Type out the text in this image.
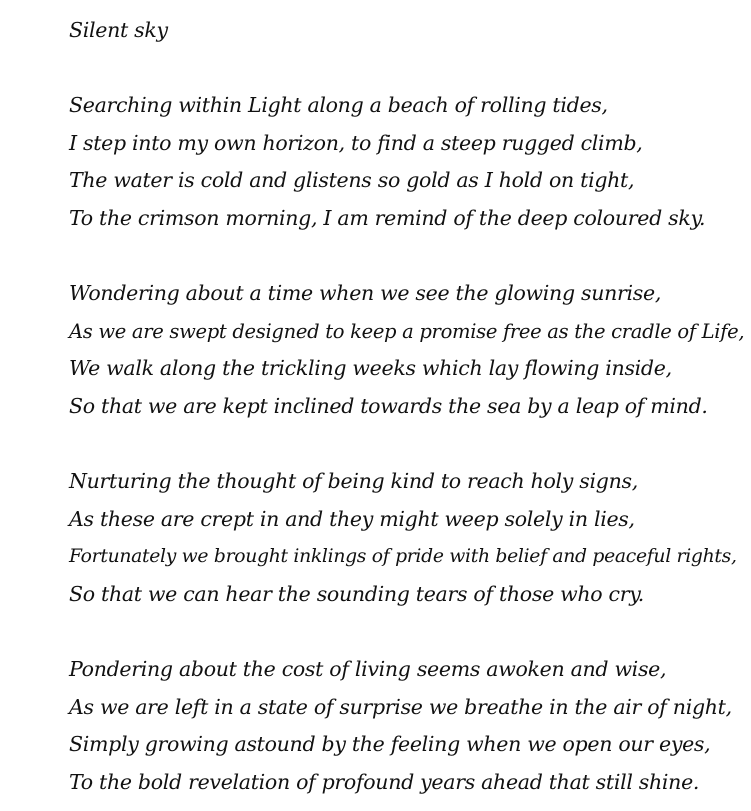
Silent sky
Searching within Light along a beach of rolling tides,
I step into my own horizon, to find a steep rugged climb,
The water is cold and glistens so gold as I hold on tight,
To the crimson morning, I am remind of the deep coloured sky.
Wondering about a time when we see the glowing sunrise,
As we are swept designed to keep a promise free as the cradle of Life,
We walk along the trickling weeks which lay flowing inside,
So that we are kept inclined towards the sea by a leap of mind.
Nurturing the thought of being kind to reach holy signs,
As these are crept in and they might weep solely in lies,
Fortunately we brought inklings of pride with belief and peaceful rights,
So that we can hear the sounding tears of those who cry.
Pondering about the cost of living seems awoken and wise,
As we are left in a state of surprise we breathe in the air of night,
Simply growing astound by the feeling when we open our eyes,
To the bold revelation of profound years ahead that still shine.
